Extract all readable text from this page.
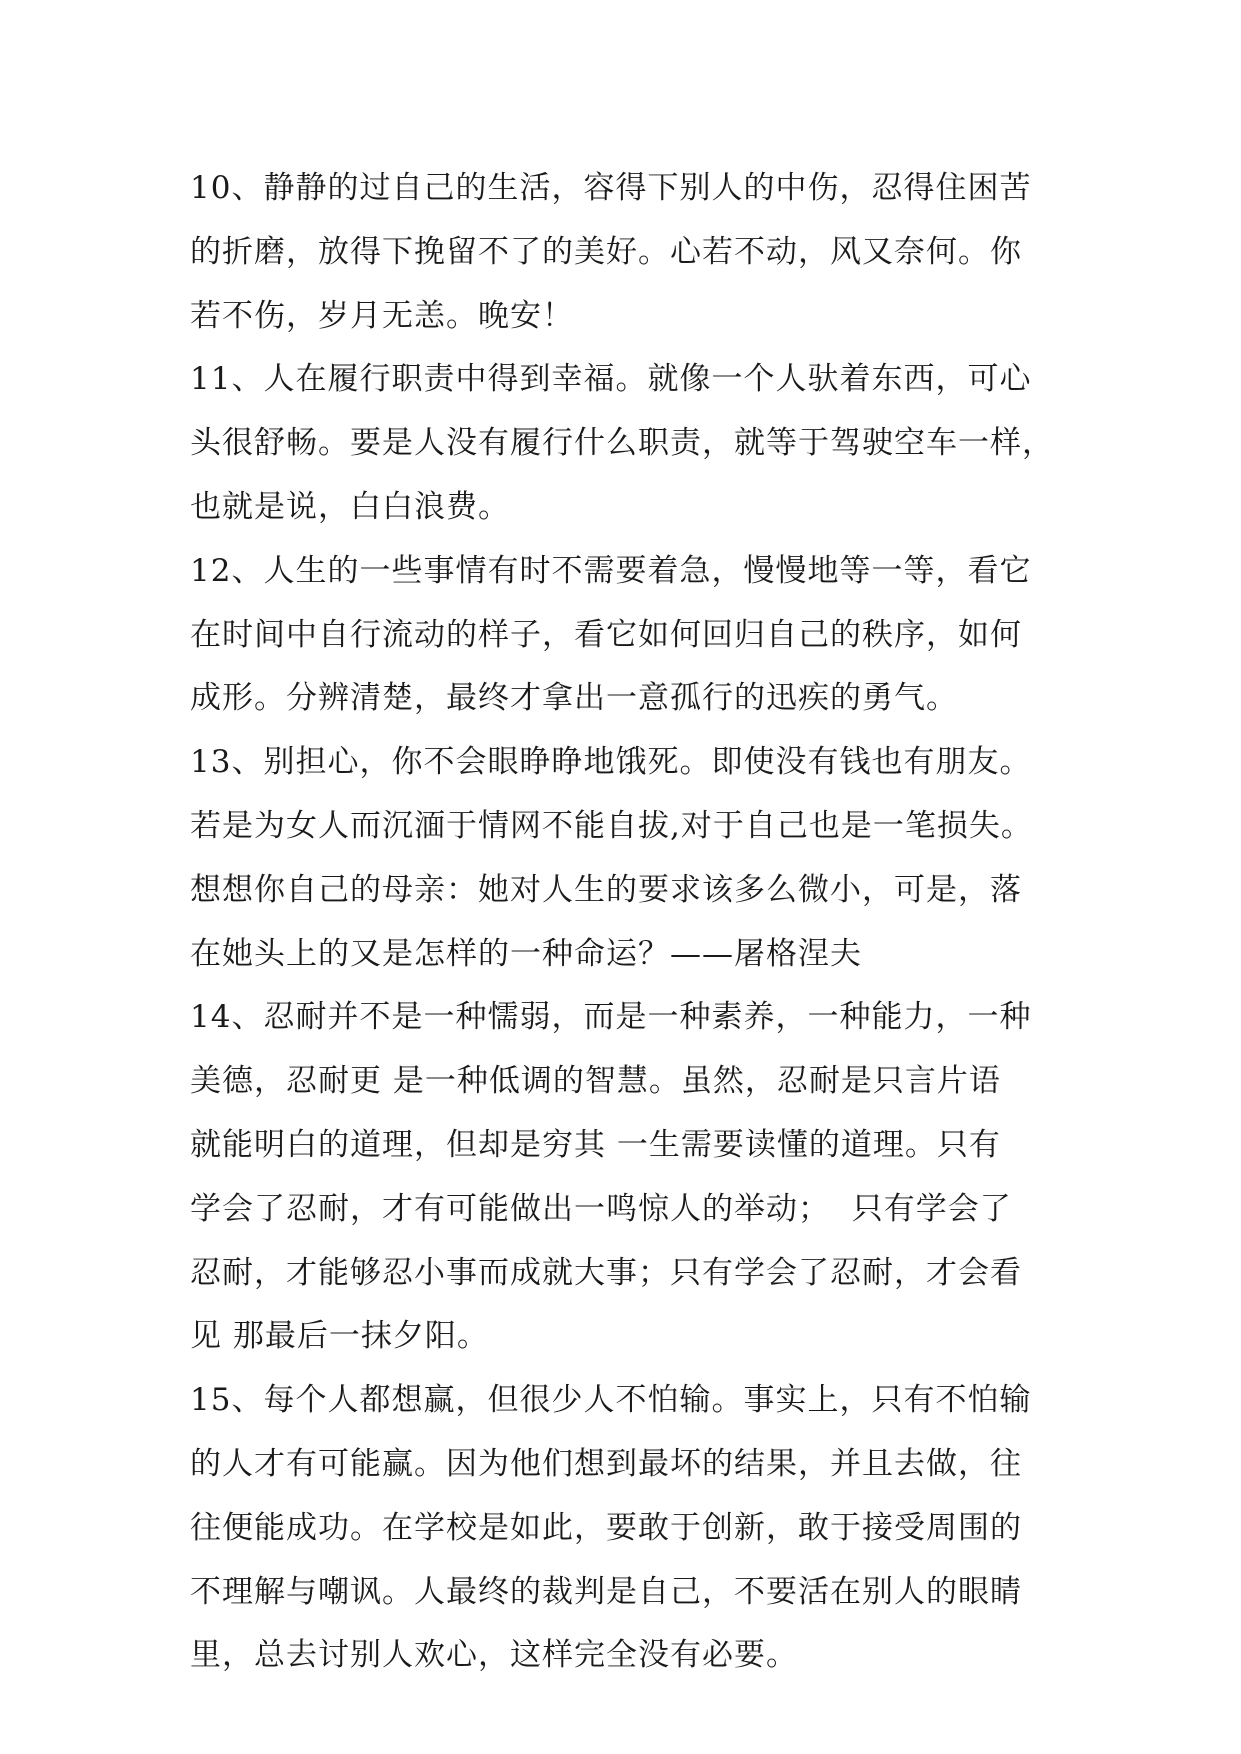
10、静静的过自己的生活，容得下别人的中伤，忍得住困苦
的折磨，放得下挽留不了的美好。心若不动，风又奈何。你
若不伤，岁月无恙。晚安！
11、人在履行职责中得到幸福。就像一个人驮着东西，可心
头很舒畅。要是人没有履行什么职责，就等于驾驶空车一样，
也就是说，白白浪费。
12、人生的一些事情有时不需要着急，慢慢地等一等，看它
在时间中自行流动的样子，看它如何回归自己的秩序，如何
成形。分辨清楚，最终才拿出一意孤行的迅疾的勇气。
13、别担心，你不会眼睁睁地饿死。即使没有钱也有朋友。
若是为女人而沉湎于情网不能自拔,对于自己也是一笔损失。
想想你自己的母亲：她对人生的要求该多么微小，可是，落
在她头上的又是怎样的一种命运？——屠格涅夫
14、忍耐并不是一种懦弱，而是一种素养，一种能力，一种
美德，忍耐更 是一种低调的智慧。虽然，忍耐是只言片语
就能明白的道理，但却是穷其 一生需要读懂的道理。只有
学会了忍耐，才有可能做出一鸣惊人的举动；  只有学会了
忍耐，才能够忍小事而成就大事；只有学会了忍耐，才会看
见 那最后一抹夕阳。
15、每个人都想赢，但很少人不怕输。事实上，只有不怕输
的人才有可能赢。因为他们想到最坏的结果，并且去做，往
往便能成功。在学校是如此，要敢于创新，敢于接受周围的
不理解与嘲讽。人最终的裁判是自己，不要活在别人的眼睛
里，总去讨别人欢心，这样完全没有必要。
